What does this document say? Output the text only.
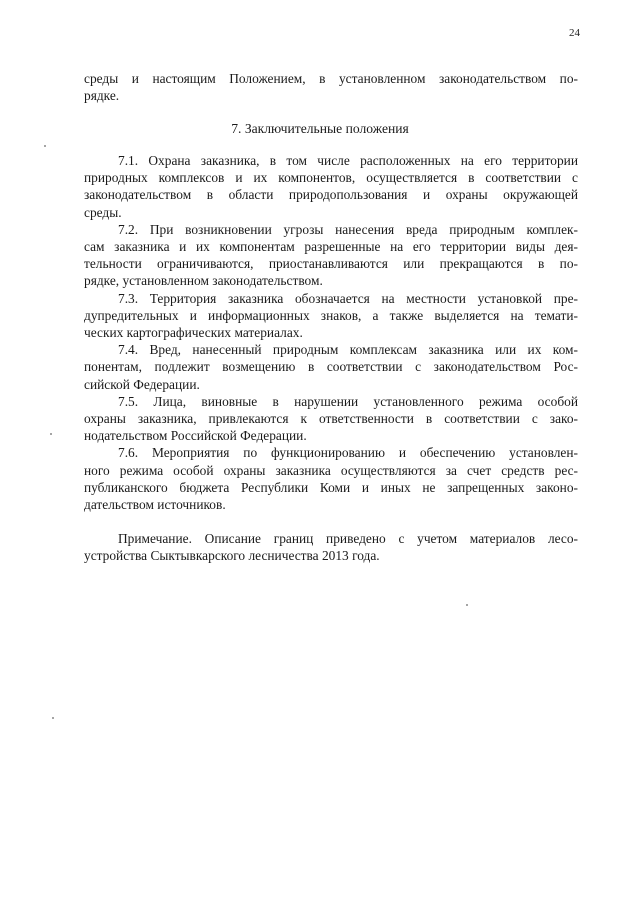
24
среды и настоящим Положением, в установленном законодательством по-
рядке.
7. Заключительные положения
7.1. Охрана заказника, в том числе расположенных на его территории
природных комплексов и их компонентов, осуществляется в соответствии с
законодательством в области природопользования и охраны окружающей
среды.
7.2. При возникновении угрозы нанесения вреда природным комплек-
сам заказника и их компонентам разрешенные на его территории виды дея-
тельности ограничиваются, приостанавливаются или прекращаются в по-
рядке, установленном законодательством.
7.3. Территория заказника обозначается на местности установкой пре-
дупредительных и информационных знаков, а также выделяется на темати-
ческих картографических материалах.
7.4. Вред, нанесенный природным комплексам заказника или их ком-
понентам, подлежит возмещению в соответствии с законодательством Рос-
сийской Федерации.
7.5. Лица, виновные в нарушении установленного режима особой
охраны заказника, привлекаются к ответственности в соответствии с зако-
нодательством Российской Федерации.
7.6. Мероприятия по функционированию и обеспечению установлен-
ного режима особой охраны заказника осуществляются за счет средств рес-
публиканского бюджета Республики Коми и иных не запрещенных законо-
дательством источников.
Примечание. Описание границ приведено с учетом материалов лесо-
устройства Сыктывкарского лесничества 2013 года.
